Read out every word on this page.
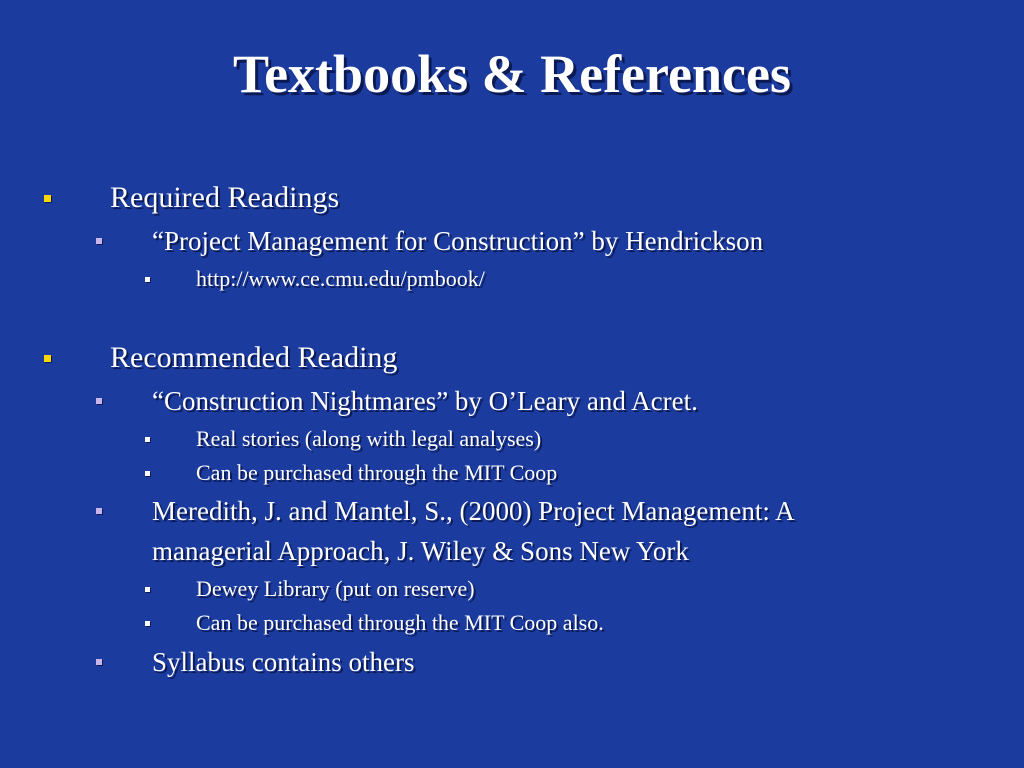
Textbooks & References
Required Readings
“Project Management for Construction” by Hendrickson
http://www.ce.cmu.edu/pmbook/
Recommended Reading
“Construction Nightmares” by O’Leary and Acret.
Real stories (along with legal analyses)
Can be purchased through the MIT Coop
Meredith, J. and Mantel, S., (2000) Project Management: A
managerial Approach, J. Wiley & Sons New York
Dewey Library (put on reserve)
Can be purchased through the MIT Coop also.
Syllabus contains others
